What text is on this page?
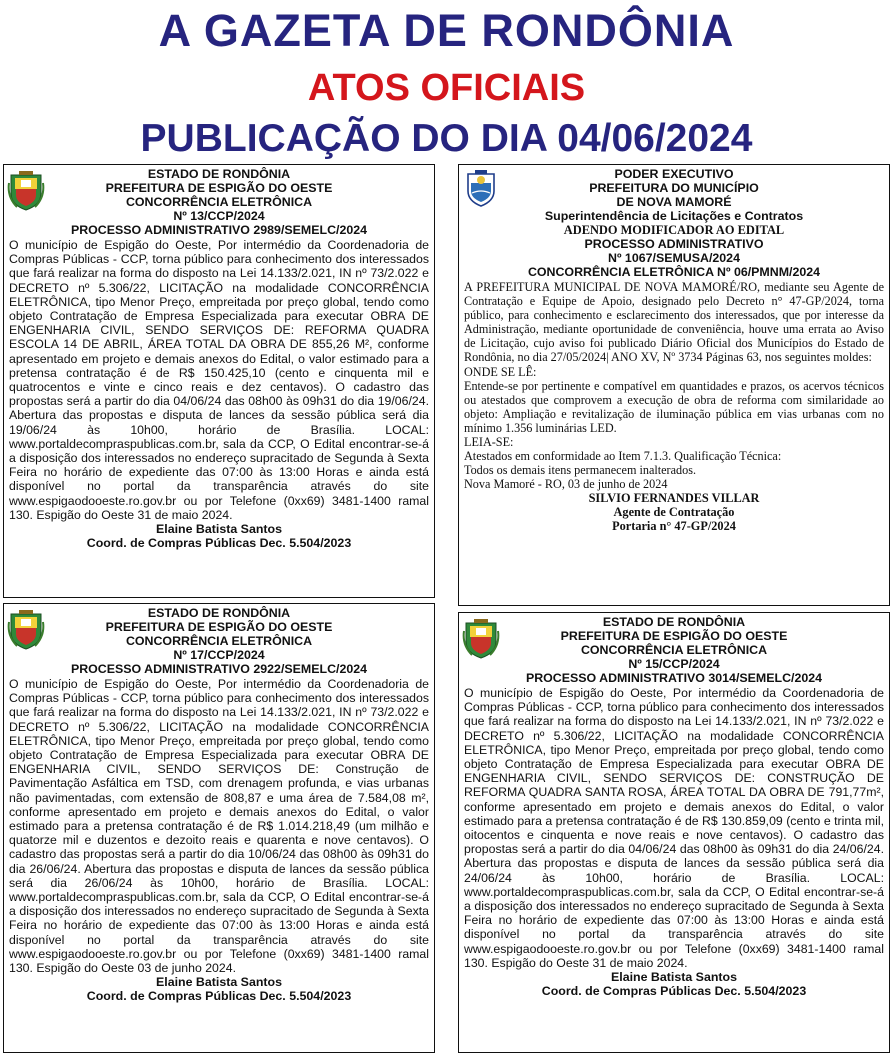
A GAZETA DE RONDÔNIA
ATOS OFICIAIS
PUBLICAÇÃO DO DIA 04/06/2024
ESTADO DE RONDÔNIA
PREFEITURA DE ESPIGÃO DO OESTE
CONCORRÊNCIA ELETRÔNICA
Nº 13/CCP/2024
PROCESSO ADMINISTRATIVO 2989/SEMELC/2024
O município de Espigão do Oeste, Por intermédio da Coordenadoria de Compras Públicas - CCP, torna público para conhecimento dos interessados que fará realizar na forma do disposto na Lei 14.133/2.021, IN nº 73/2.022 e DECRETO nº 5.306/22, LICITAÇÃO na modalidade CONCORRÊNCIA ELETRÔNICA, tipo Menor Preço, empreitada por preço global, tendo como objeto Contratação de Empresa Especializada para executar OBRA DE ENGENHARIA CIVIL, SENDO SERVIÇOS DE: REFORMA QUADRA ESCOLA 14 DE ABRIL, ÁREA TOTAL DA OBRA DE 855,26 M², conforme apresentado em projeto e demais anexos do Edital, o valor estimado para a pretensa contratação é de R$ 150.425,10 (cento e cinquenta mil e quatrocentos e vinte e cinco reais e dez centavos). O cadastro das propostas será a partir do dia 04/06/24 das 08h00 às 09h31 do dia 19/06/24. Abertura das propostas e disputa de lances da sessão pública será dia 19/06/24 às 10h00, horário de Brasília. LOCAL: www.portaldecompraspublicas.com.br, sala da CCP, O Edital encontrar-se-á a disposição dos interessados no endereço supracitado de Segunda à Sexta Feira no horário de expediente das 07:00 às 13:00 Horas e ainda está disponível no portal da transparência através do site www.espigaodooeste.ro.gov.br ou por Telefone (0xx69) 3481-1400 ramal 130. Espigão do Oeste 31 de maio 2024.
Elaine Batista Santos
Coord. de Compras Públicas Dec. 5.504/2023
PODER EXECUTIVO
PREFEITURA DO MUNICÍPIO
DE NOVA MAMORÉ
Superintendência de Licitações e Contratos
ADENDO MODIFICADOR AO EDITAL
PROCESSO ADMINISTRATIVO
Nº 1067/SEMUSA/2024
CONCORRÊNCIA ELETRÔNICA Nº 06/PMNM/2024
A PREFEITURA MUNICIPAL DE NOVA MAMORÉ/RO, mediante seu Agente de Contratação e Equipe de Apoio, designado pelo Decreto n° 47-GP/2024, torna público, para conhecimento e esclarecimento dos interessados, que por interesse da Administração, mediante oportunidade de conveniência, houve uma errata ao Aviso de Licitação, cujo aviso foi publicado Diário Oficial dos Municípios do Estado de Rondônia, no dia 27/05/2024| ANO XV, Nº 3734 Páginas 63, nos seguintes moldes:
ONDE SE LÊ:
Entende-se por pertinente e compatível em quantidades e prazos, os acervos técnicos ou atestados que comprovem a execução de obra de reforma com similaridade ao objeto: Ampliação e revitalização de iluminação pública em vias urbanas com no mínimo 1.356 luminárias LED.
LEIA-SE:
Atestados em conformidade ao Item 7.1.3. Qualificação Técnica:
Todos os demais itens permanecem inalterados.
Nova Mamoré - RO, 03 de junho de 2024
SILVIO FERNANDES VILLAR
Agente de Contratação
Portaria n° 47-GP/2024
ESTADO DE RONDÔNIA
PREFEITURA DE ESPIGÃO DO OESTE
CONCORRÊNCIA ELETRÔNICA
Nº 17/CCP/2024
PROCESSO ADMINISTRATIVO 2922/SEMELC/2024
O município de Espigão do Oeste, Por intermédio da Coordenadoria de Compras Públicas - CCP, torna público para conhecimento dos interessados que fará realizar na forma do disposto na Lei 14.133/2.021, IN nº 73/2.022 e DECRETO nº 5.306/22, LICITAÇÃO na modalidade CONCORRÊNCIA ELETRÔNICA, tipo Menor Preço, empreitada por preço global, tendo como objeto Contratação de Empresa Especializada para executar OBRA DE ENGENHARIA CIVIL, SENDO SERVIÇOS DE: Construção de Pavimentação Asfáltica em TSD, com drenagem profunda, e vias urbanas não pavimentadas, com extensão de 808,87 e uma área de 7.584,08 m², conforme apresentado em projeto e demais anexos do Edital, o valor estimado para a pretensa contratação é de R$ 1.014.218,49 (um milhão e quatorze mil e duzentos e dezoito reais e quarenta e nove centavos). O cadastro das propostas será a partir do dia 10/06/24 das 08h00 às 09h31 do dia 26/06/24. Abertura das propostas e disputa de lances da sessão pública será dia 26/06/24 às 10h00, horário de Brasília. LOCAL: www.portaldecompraspublicas.com.br, sala da CCP, O Edital encontrar-se-á a disposição dos interessados no endereço supracitado de Segunda à Sexta Feira no horário de expediente das 07:00 às 13:00 Horas e ainda está disponível no portal da transparência através do site www.espigaodooeste.ro.gov.br ou por Telefone (0xx69) 3481-1400 ramal 130. Espigão do Oeste 03 de junho 2024.
Elaine Batista Santos
Coord. de Compras Públicas Dec. 5.504/2023
ESTADO DE RONDÔNIA
PREFEITURA DE ESPIGÃO DO OESTE
CONCORRÊNCIA ELETRÔNICA
Nº 15/CCP/2024
PROCESSO ADMINISTRATIVO 3014/SEMELC/2024
O município de Espigão do Oeste, Por intermédio da Coordenadoria de Compras Públicas - CCP, torna público para conhecimento dos interessados que fará realizar na forma do disposto na Lei 14.133/2.021, IN nº 73/2.022 e DECRETO nº 5.306/22, LICITAÇÃO na modalidade CONCORRÊNCIA ELETRÔNICA, tipo Menor Preço, empreitada por preço global, tendo como objeto Contratação de Empresa Especializada para executar OBRA DE ENGENHARIA CIVIL, SENDO SERVIÇOS DE: CONSTRUÇÃO DE REFORMA QUADRA SANTA ROSA, ÁREA TOTAL DA OBRA DE 791,77m², conforme apresentado em projeto e demais anexos do Edital, o valor estimado para a pretensa contratação é de R$ 130.859,09 (cento e trinta mil, oitocentos e cinquenta e nove reais e nove centavos). O cadastro das propostas será a partir do dia 04/06/24 das 08h00 às 09h31 do dia 24/06/24. Abertura das propostas e disputa de lances da sessão pública será dia 24/06/24 às 10h00, horário de Brasília. LOCAL: www.portaldecompraspublicas.com.br, sala da CCP, O Edital encontrar-se-á a disposição dos interessados no endereço supracitado de Segunda à Sexta Feira no horário de expediente das 07:00 às 13:00 Horas e ainda está disponível no portal da transparência através do site www.espigaodooeste.ro.gov.br ou por Telefone (0xx69) 3481-1400 ramal 130. Espigão do Oeste 31 de maio 2024.
Elaine Batista Santos
Coord. de Compras Públicas Dec. 5.504/2023
